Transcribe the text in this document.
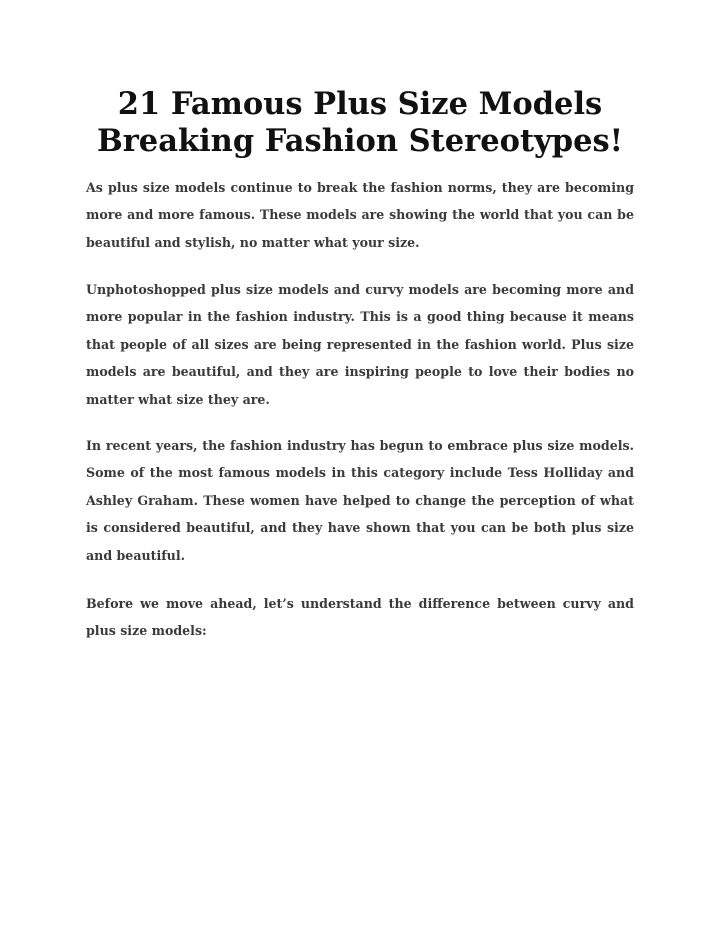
21 Famous Plus Size Models Breaking Fashion Stereotypes!

As plus size models continue to break the fashion norms, they are becoming more and more famous. These models are showing the world that you can be beautiful and stylish, no matter what your size.

Unphotoshopped plus size models and curvy models are becoming more and more popular in the fashion industry. This is a good thing because it means that people of all sizes are being represented in the fashion world. Plus size models are beautiful, and they are inspiring people to love their bodies no matter what size they are.

In recent years, the fashion industry has begun to embrace plus size models. Some of the most famous models in this category include Tess Holliday and Ashley Graham. These women have helped to change the perception of what is considered beautiful, and they have shown that you can be both plus size and beautiful.

Before we move ahead, let’s understand the difference between curvy and plus size models:
